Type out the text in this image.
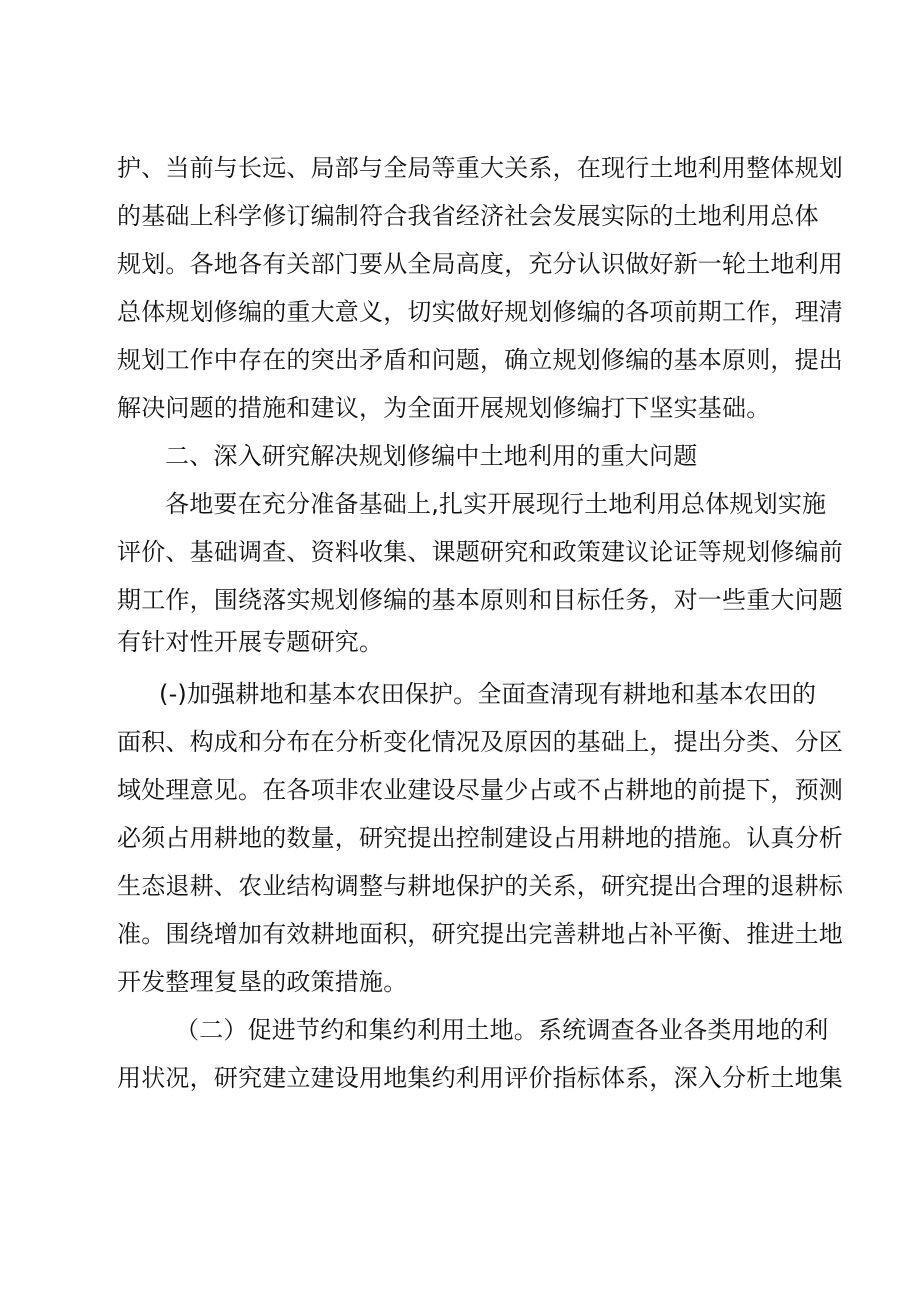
护、当前与长远、局部与全局等重大关系，在现行土地利用整体规划
的基础上科学修订编制符合我省经济社会发展实际的土地利用总体
规划。各地各有关部门要从全局高度，充分认识做好新一轮土地利用
总体规划修编的重大意义，切实做好规划修编的各项前期工作，理清
规划工作中存在的突出矛盾和问题，确立规划修编的基本原则，提出
解决问题的措施和建议，为全面开展规划修编打下坚实基础。
二、深入研究解决规划修编中土地利用的重大问题
各地要在充分准备基础上,扎实开展现行土地利用总体规划实施
评价、基础调查、资料收集、课题研究和政策建议论证等规划修编前
期工作，围绕落实规划修编的基本原则和目标任务，对一些重大问题
有针对性开展专题研究。
(-)加强耕地和基本农田保护。全面查清现有耕地和基本农田的
面积、构成和分布在分析变化情况及原因的基础上，提出分类、分区
域处理意见。在各项非农业建设尽量少占或不占耕地的前提下，预测
必须占用耕地的数量，研究提出控制建设占用耕地的措施。认真分析
生态退耕、农业结构调整与耕地保护的关系，研究提出合理的退耕标
准。围绕增加有效耕地面积，研究提出完善耕地占补平衡、推进土地
开发整理复垦的政策措施。
（二）促进节约和集约利用土地。系统调查各业各类用地的利
用状况，研究建立建设用地集约利用评价指标体系，深入分析土地集
